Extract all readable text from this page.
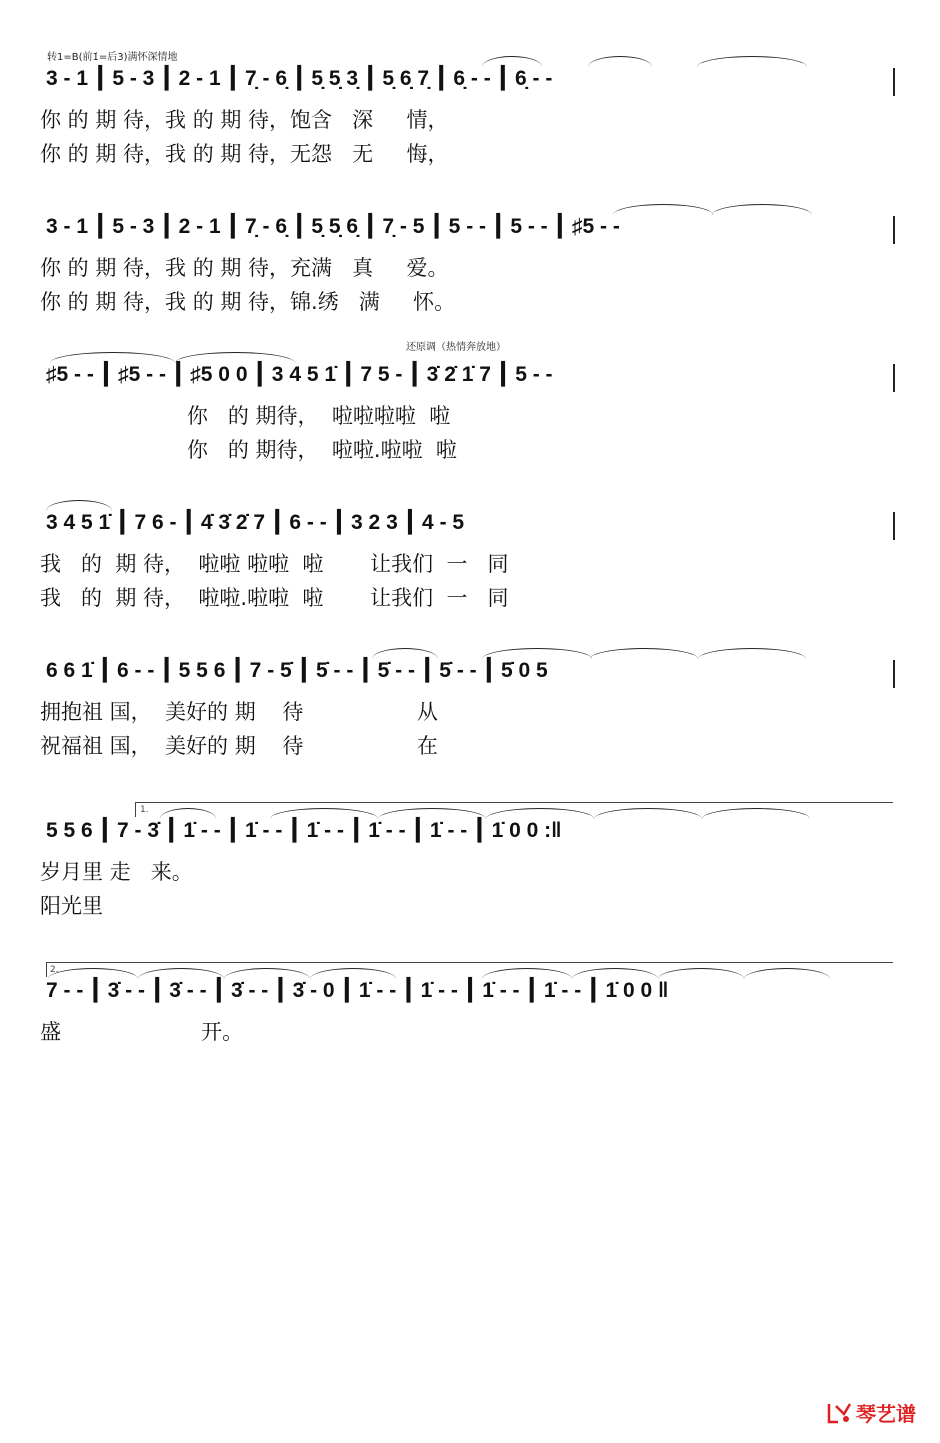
转1=B(前1̇=后3)满怀深情地
还原调（热情奔放地）
3 - 1 ┃ 5 - 3 ┃ 2 - 1 ┃ 7̣ - 6̣ ┃ 5̣ 5̣ 3̣ ┃ 5̣ 6̣ 7̣ ┃ 6̣ - - ┃ 6̣ - -
你 的 期 待，我 的 期 待，饱含   深     情，
你 的 期 待，我 的 期 待，无怨   无     悔，
3 - 1 ┃ 5 - 3 ┃ 2 - 1 ┃ 7̣ - 6̣ ┃ 5̣ 5̣ 6̣ ┃ 7̣ - 5 ┃ 5 - - ┃ 5 - - ┃ ♯5 - -
你 的 期 待，我 的 期 待，充满   真     爱。
你 的 期 待，我 的 期 待，锦.绣   满     怀。
♯5 - - ┃ ♯5 - - ┃ ♯5 0 0 ┃ 3 4 5 1̇ ┃ 7 5 - ┃ 3̇ 2̇ 1̇ 7 ┃ 5 - -
你   的 期待，  啦啦啦啦  啦
你   的 期待，  啦啦.啦啦  啦
3 4 5 1̇ ┃ 7 6 - ┃ 4̇ 3̇ 2̇ 7 ┃ 6 - - ┃ 3 2 3 ┃ 4 - 5
我   的  期 待，  啦啦 啦啦  啦       让我们  一   同
我   的  期 待，  啦啦.啦啦  啦       让我们  一   同
6 6 1̇ ┃ 6 - - ┃ 5 5 6 ┃ 7 - 5̇ ┃ 5̇ - - ┃ 5̇ - - ┃ 5̇ - - ┃ 5̇ 0 5
拥抱祖 国，  美好的 期    待                 从
祝福祖 国，  美好的 期    待                 在
1.
5 5 6 ┃ 7 - 3̇ ┃ 1̇ - - ┃ 1̇ - - ┃ 1̇ - - ┃ 1̇ - - ┃ 1̇ - - ┃ 1̇ 0 0 :‖
岁月里 走   来。
阳光里
2.
7 - - ┃ 3̇ - - ┃ 3̇ - - ┃ 3̇ - - ┃ 3̇ - 0 ┃ 1̇ - - ┃ 1̇ - - ┃ 1̇ - - ┃ 1̇ - - ┃ 1̇ 0 0 ‖
盛                     开。
琴艺谱
